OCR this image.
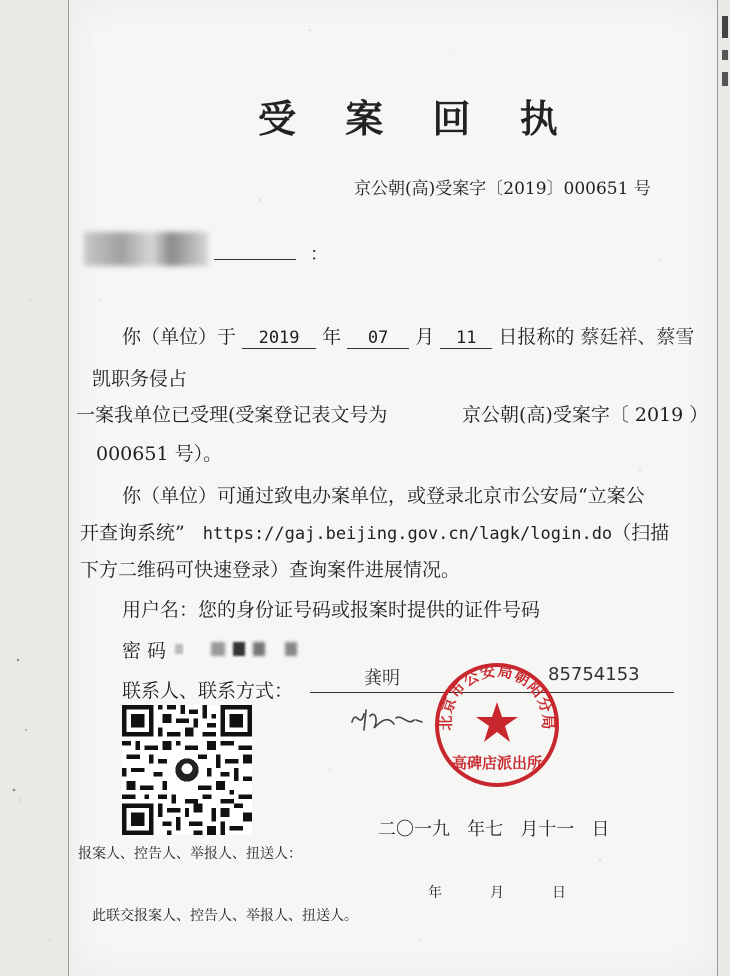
受 案 回 执
京公朝(高)受案字〔2019〕000651 号
：
你（单位）于 2019 年 07 月 11 日报称的 蔡廷祥、蔡雪
凯职务侵占
一案我单位已受理(受案登记表文号为	京公朝(高)受案字〔 2019 ）
000651 号）。
你（单位）可通过致电办案单位，或登录北京市公安局“立案公
开查询系统” https://gaj.beijing.gov.cn/lagk/login.do（扫描
下方二维码可快速登录）查询案件进展情况。
用户名：您的身份证号码或报案时提供的证件号码
密 码
联系人、联系方式：
龚明	85754153
北京市公安局朝阳分局
高碑店派出所
二〇一九   年七   月十一   日
报案人、控告人、举报人、扭送人：
年	月	日
此联交报案人、控告人、举报人、扭送人。
